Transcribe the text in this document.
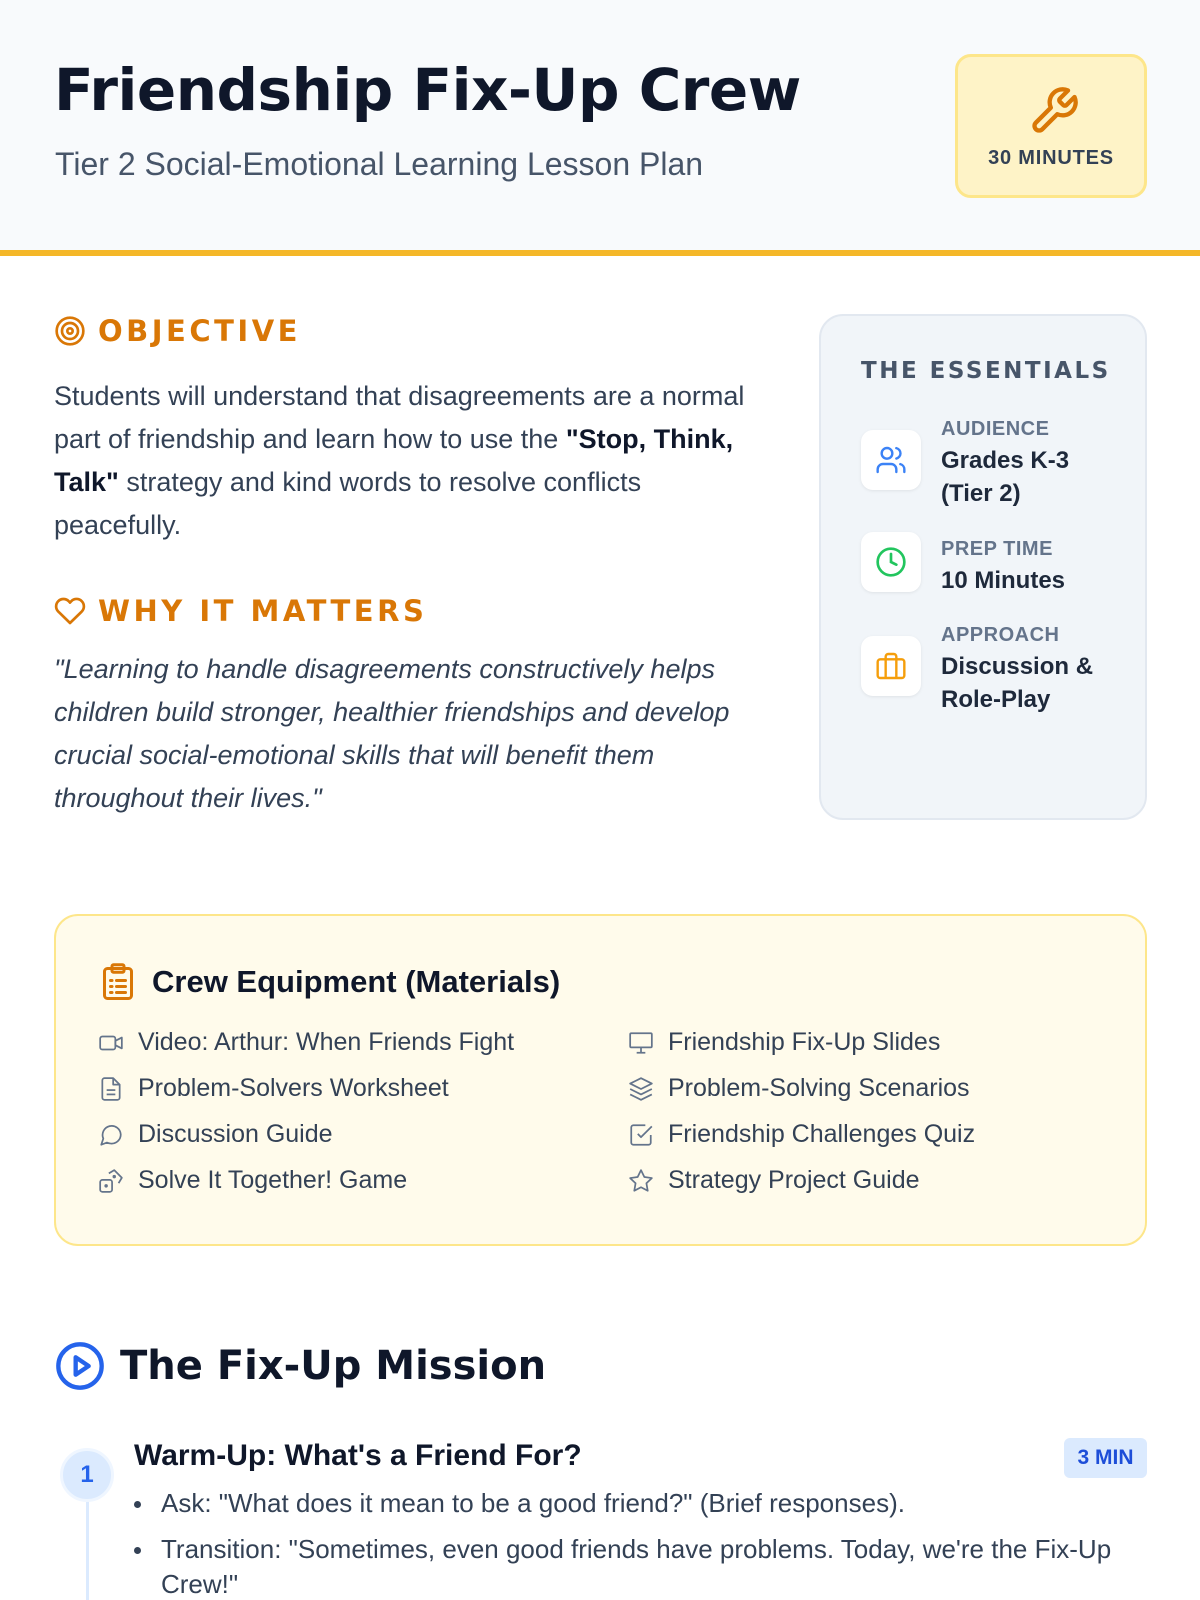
Friendship Fix-Up Crew
Tier 2 Social-Emotional Learning Lesson Plan	30 MINUTES
OBJECTIVE

Students will understand that disagreements are a normal part of friendship and learn how to use the "Stop, Think, Talk" strategy and kind words to resolve conflicts peacefully.

WHY IT MATTERS

"Learning to handle disagreements constructively helps children build stronger, healthier friendships and develop crucial social-emotional skills that will benefit them throughout their lives."

THE ESSENTIALS
AUDIENCE
Grades K-3 (Tier 2)
PREP TIME
10 Minutes
APPROACH
Discussion & Role-Play
Crew Equipment (Materials)
Video: Arthur: When Friends Fight
Problem-Solvers Worksheet
Discussion Guide
Solve It Together! Game
Friendship Fix-Up Slides
Problem-Solving Scenarios
Friendship Challenges Quiz
Strategy Project Guide
The Fix-Up Mission
1
Warm-Up: What's a Friend For?	3 MIN
Ask: "What does it mean to be a good friend?" (Brief responses).
Transition: "Sometimes, even good friends have problems. Today, we're the Fix-Up Crew!"
